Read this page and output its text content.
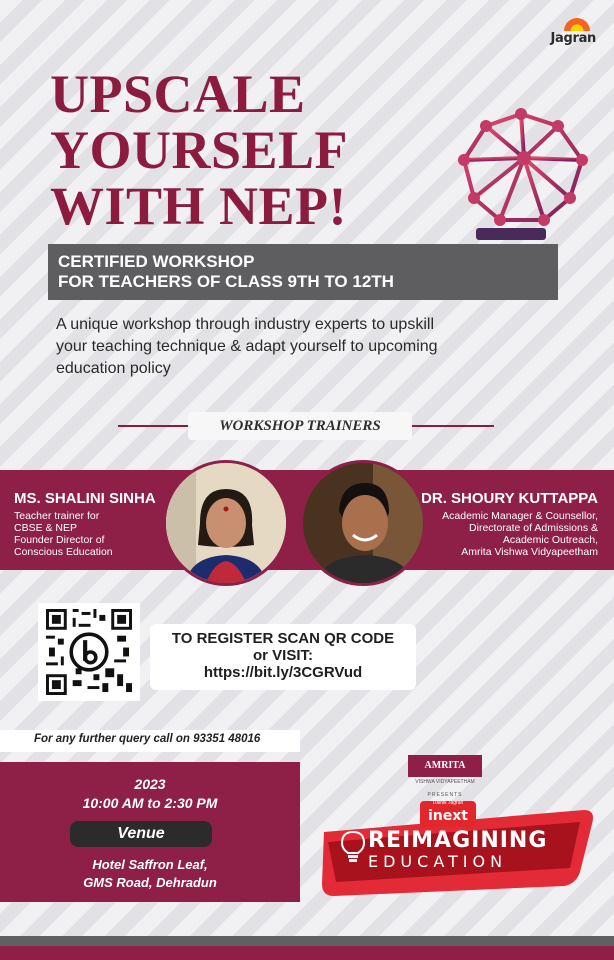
Jagran
UPSCALE
YOURSELF
WITH NEP!
CERTIFIED WORKSHOP
FOR TEACHERS OF CLASS 9TH TO 12TH
A unique workshop through industry experts to upskill your teaching technique & adapt yourself to upcoming education policy
WORKSHOP TRAINERS
MS. SHALINI SINHA
Teacher trainer for
CBSE & NEP
Founder Director of
Conscious Education
DR. SHOURY KUTTAPPA
Academic Manager & Counsellor,
Directorate of Admissions &
Academic Outreach,
Amrita Vishwa Vidyapeetham
TO REGISTER SCAN QR CODE
or VISIT:
https://bit.ly/3CGRVud
For any further query call on 93351 48016
2023
10:00 AM to 2:30 PM
Venue
Hotel Saffron Leaf,
GMS Road, Dehradun
AMRITA
VISHWA VIDYAPEETHAM
PRESENTS
inext
Dainik Jagran
REIMAGINING
EDUCATION
